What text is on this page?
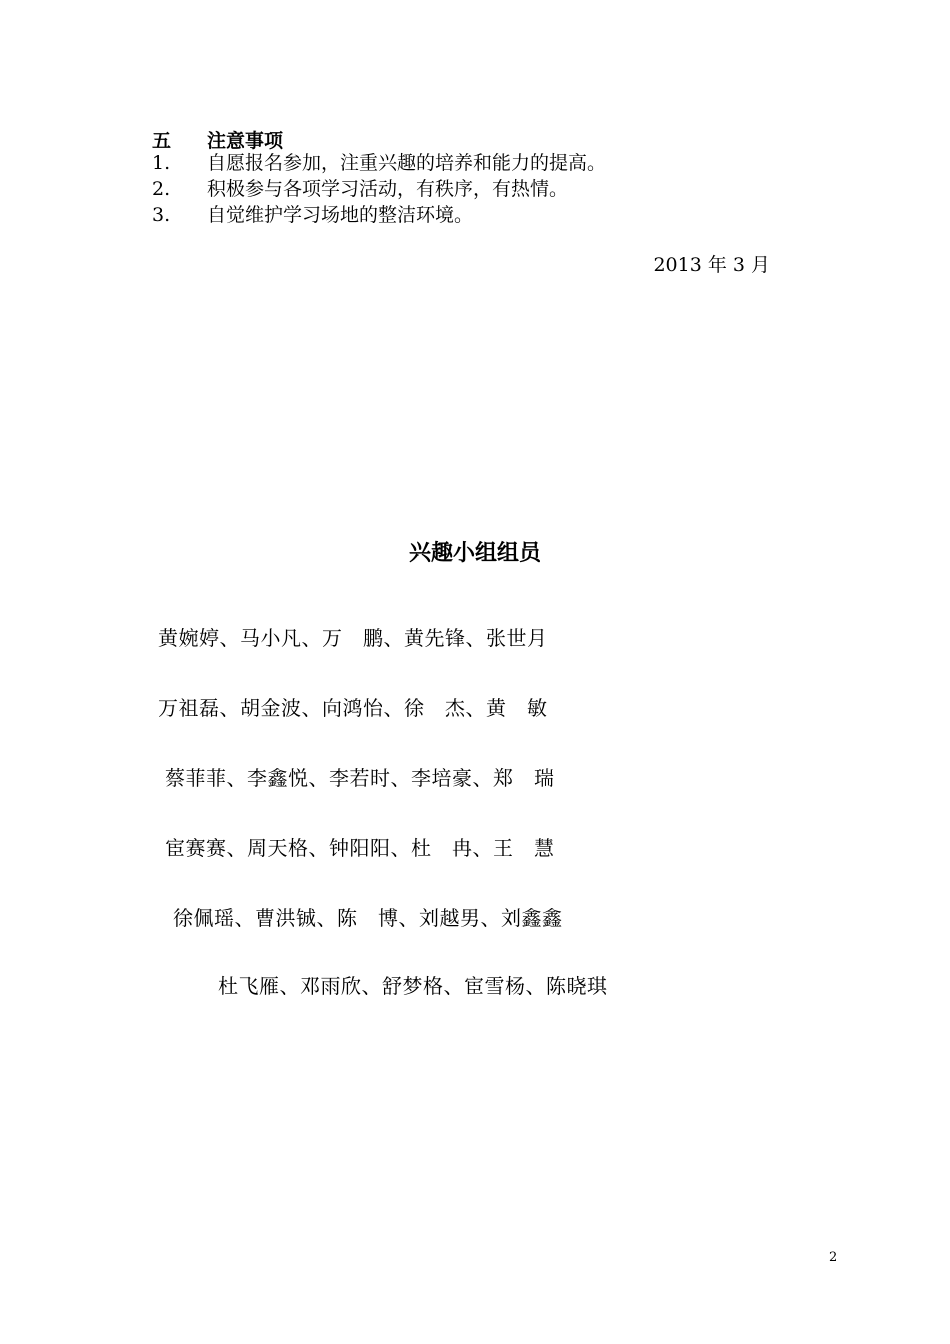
五 注意事项
1. 自愿报名参加，注重兴趣的培养和能力的提高。
2. 积极参与各项学习活动，有秩序，有热情。
3. 自觉维护学习场地的整洁环境。
2013 年 3 月
兴趣小组组员
黄婉婷、马小凡、万　鹏、黄先锋、张世月
万祖磊、胡金波、向鸿怡、徐　杰、黄　敏
蔡菲菲、李鑫悦、李若时、李培豪、郑　瑞
宦赛赛、周天格、钟阳阳、杜　冉、王　慧
徐佩瑶、曹洪铖、陈　博、刘越男、刘鑫鑫
杜飞雁、邓雨欣、舒梦格、宦雪杨、陈晓琪
2
